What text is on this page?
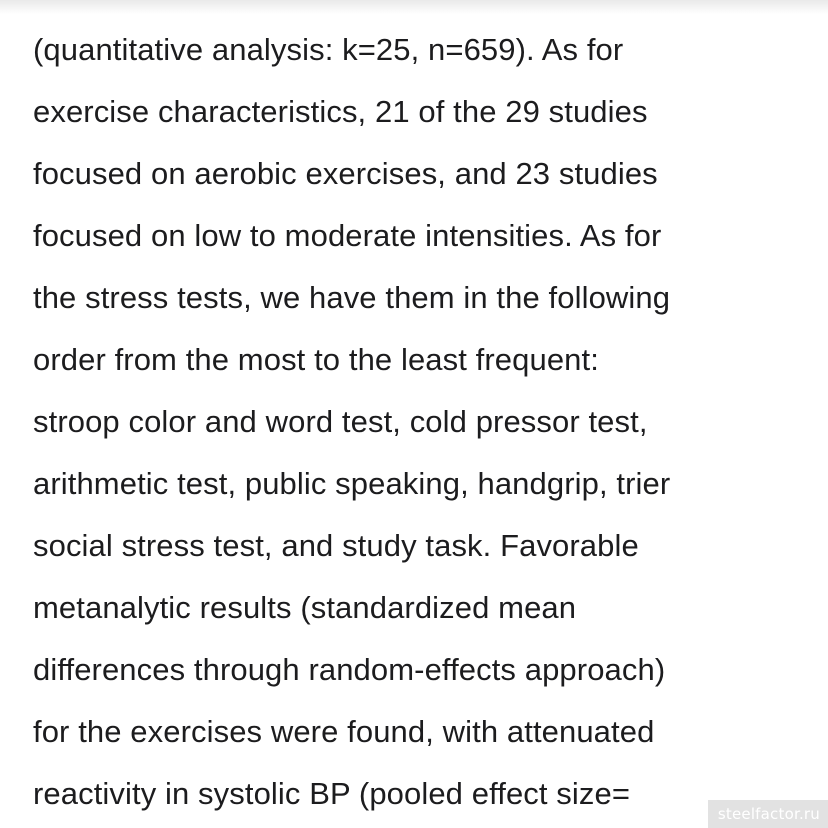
(quantitative analysis: k=25, n=659). As for
exercise characteristics, 21 of the 29 studies
focused on aerobic exercises, and 23 studies
focused on low to moderate intensities. As for
the stress tests, we have them in the following
order from the most to the least frequent:
stroop color and word test, cold pressor test,
arithmetic test, public speaking, handgrip, trier
social stress test, and study task. Favorable
metanalytic results (standardized mean
differences through random-effects approach)
for the exercises were found, with attenuated
reactivity in systolic BP (pooled effect size=
steelfactor.ru
